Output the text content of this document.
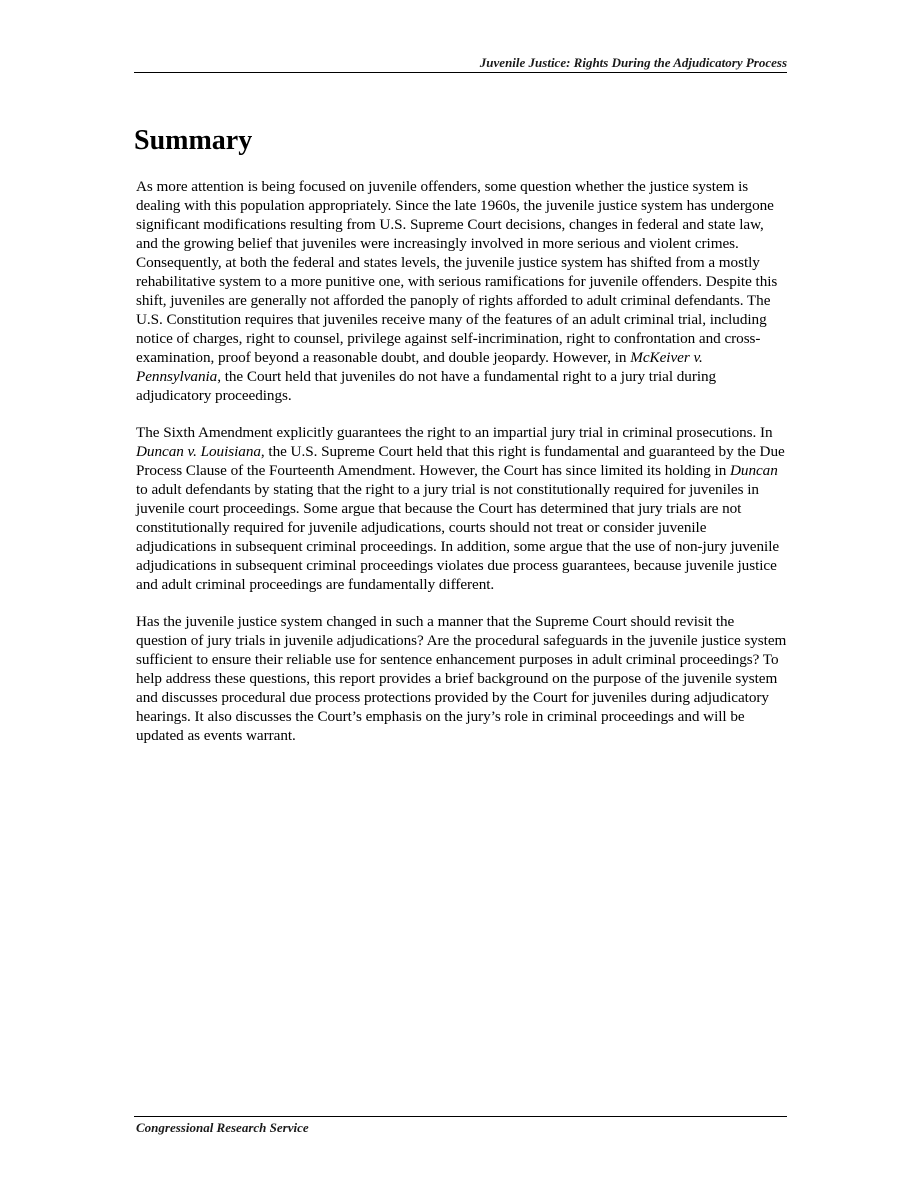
Juvenile Justice: Rights During the Adjudicatory Process
Summary

As more attention is being focused on juvenile offenders, some question whether the justice system is dealing with this population appropriately. Since the late 1960s, the juvenile justice system has undergone significant modifications resulting from U.S. Supreme Court decisions, changes in federal and state law, and the growing belief that juveniles were increasingly involved in more serious and violent crimes. Consequently, at both the federal and states levels, the juvenile justice system has shifted from a mostly rehabilitative system to a more punitive one, with serious ramifications for juvenile offenders. Despite this shift, juveniles are generally not afforded the panoply of rights afforded to adult criminal defendants. The U.S. Constitution requires that juveniles receive many of the features of an adult criminal trial, including notice of charges, right to counsel, privilege against self-incrimination, right to confrontation and cross-examination, proof beyond a reasonable doubt, and double jeopardy. However, in McKeiver v. Pennsylvania, the Court held that juveniles do not have a fundamental right to a jury trial during adjudicatory proceedings.

The Sixth Amendment explicitly guarantees the right to an impartial jury trial in criminal prosecutions. In Duncan v. Louisiana, the U.S. Supreme Court held that this right is fundamental and guaranteed by the Due Process Clause of the Fourteenth Amendment. However, the Court has since limited its holding in Duncan to adult defendants by stating that the right to a jury trial is not constitutionally required for juveniles in juvenile court proceedings. Some argue that because the Court has determined that jury trials are not constitutionally required for juvenile adjudications, courts should not treat or consider juvenile adjudications in subsequent criminal proceedings. In addition, some argue that the use of non-jury juvenile adjudications in subsequent criminal proceedings violates due process guarantees, because juvenile justice and adult criminal proceedings are fundamentally different.

Has the juvenile justice system changed in such a manner that the Supreme Court should revisit the question of jury trials in juvenile adjudications? Are the procedural safeguards in the juvenile justice system sufficient to ensure their reliable use for sentence enhancement purposes in adult criminal proceedings? To help address these questions, this report provides a brief background on the purpose of the juvenile system and discusses procedural due process protections provided by the Court for juveniles during adjudicatory hearings. It also discusses the Court’s emphasis on the jury’s role in criminal proceedings and will be updated as events warrant.

Congressional Research Service
